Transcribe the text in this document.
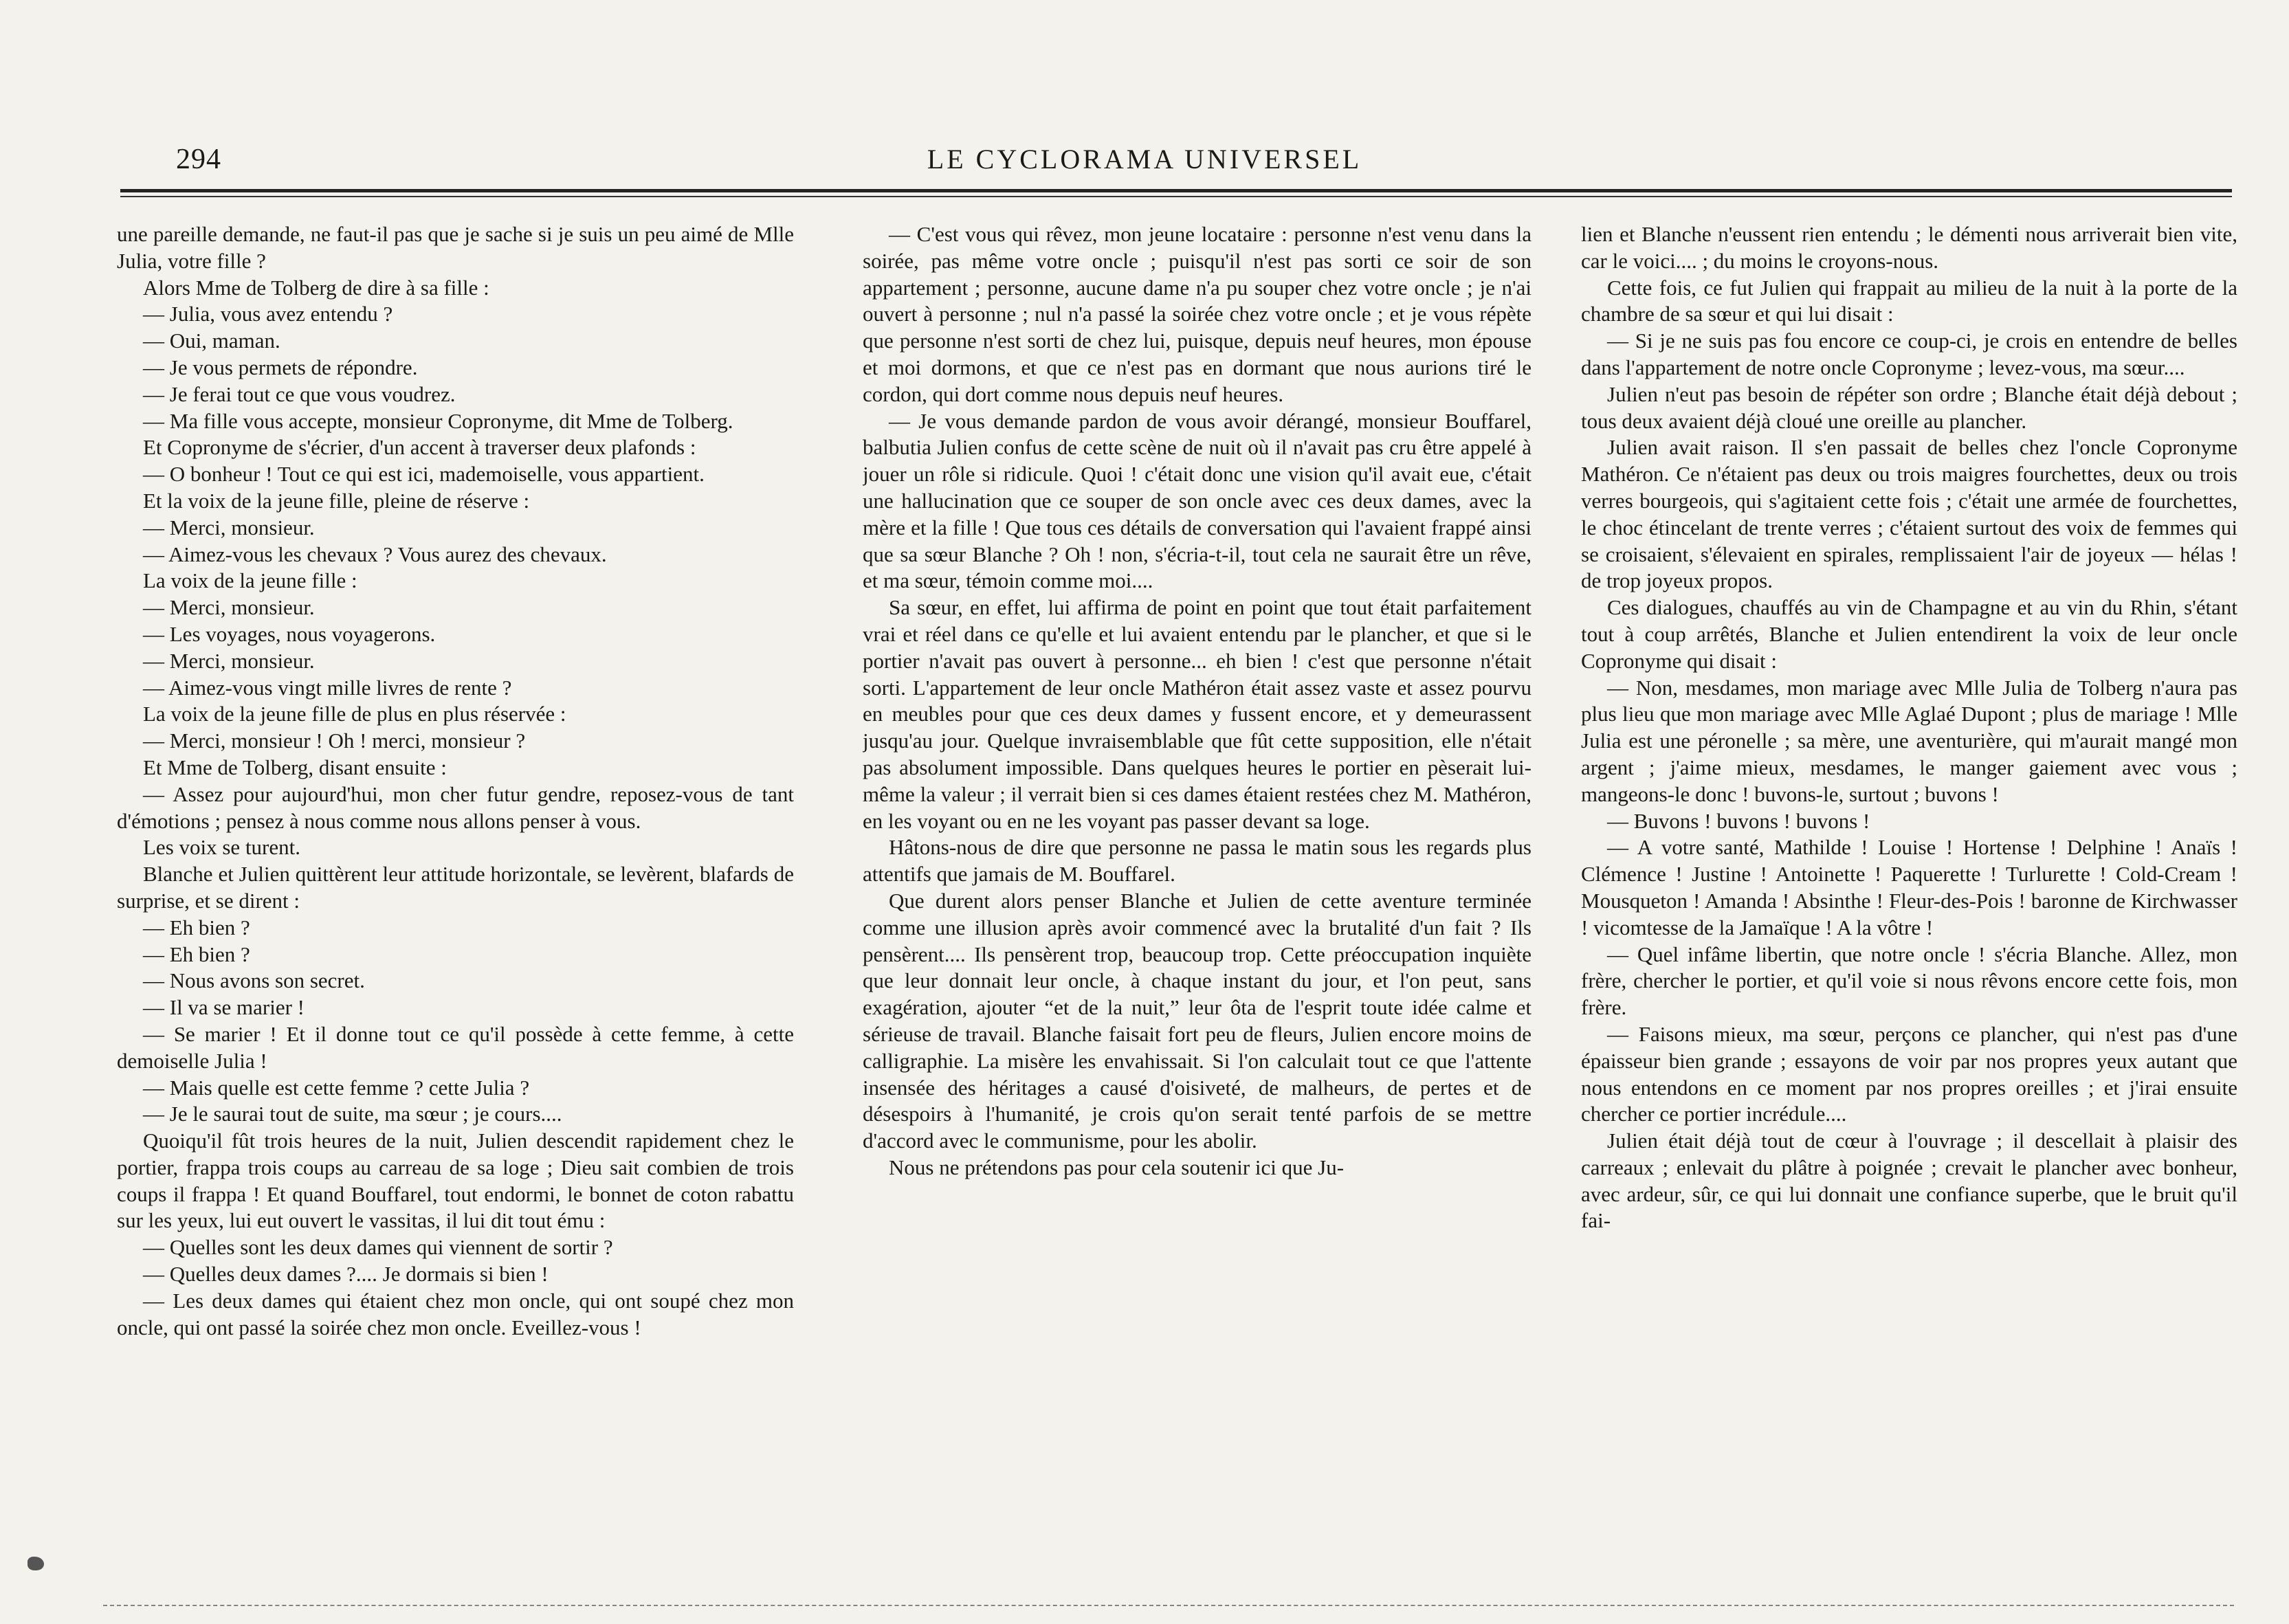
294	LE CYCLORAMA UNIVERSEL

une pareille demande, ne faut-il pas que je sache si je suis un peu aimé de Mlle Julia, votre fille ?

Alors Mme de Tolberg de dire à sa fille :

— Julia, vous avez entendu ?

— Oui, maman.

— Je vous permets de répondre.

— Je ferai tout ce que vous voudrez.

— Ma fille vous accepte, monsieur Copronyme, dit Mme de Tolberg.

Et Copronyme de s'écrier, d'un accent à traverser deux plafonds :

— O bonheur ! Tout ce qui est ici, mademoiselle, vous appartient.

Et la voix de la jeune fille, pleine de réserve :

— Merci, monsieur.

— Aimez-vous les chevaux ? Vous aurez des chevaux.

La voix de la jeune fille :

— Merci, monsieur.

— Les voyages, nous voyagerons.

— Merci, monsieur.

— Aimez-vous vingt mille livres de rente ?

La voix de la jeune fille de plus en plus réservée :

— Merci, monsieur ! Oh ! merci, monsieur ?

Et Mme de Tolberg, disant ensuite :

— Assez pour aujourd'hui, mon cher futur gendre, reposez-vous de tant d'émotions ; pensez à nous comme nous allons penser à vous.

Les voix se turent.

Blanche et Julien quittèrent leur attitude horizontale, se levèrent, blafards de surprise, et se dirent :

— Eh bien ?

— Eh bien ?

— Nous avons son secret.

— Il va se marier !

— Se marier ! Et il donne tout ce qu'il possède à cette femme, à cette demoiselle Julia !

— Mais quelle est cette femme ? cette Julia ?

— Je le saurai tout de suite, ma sœur ; je cours....

Quoiqu'il fût trois heures de la nuit, Julien descendit rapidement chez le portier, frappa trois coups au carreau de sa loge ; Dieu sait combien de trois coups il frappa ! Et quand Bouffarel, tout endormi, le bonnet de coton rabattu sur les yeux, lui eut ouvert le vassitas, il lui dit tout ému :

— Quelles sont les deux dames qui viennent de sortir ?

— Quelles deux dames ?.... Je dormais si bien !

— Les deux dames qui étaient chez mon oncle, qui ont soupé chez mon oncle, qui ont passé la soirée chez mon oncle. Eveillez-vous !

— C'est vous qui rêvez, mon jeune locataire : personne n'est venu dans la soirée, pas même votre oncle ; puisqu'il n'est pas sorti ce soir de son appartement ; personne, aucune dame n'a pu souper chez votre oncle ; je n'ai ouvert à personne ; nul n'a passé la soirée chez votre oncle ; et je vous répète que personne n'est sorti de chez lui, puisque, depuis neuf heures, mon épouse et moi dormons, et que ce n'est pas en dormant que nous aurions tiré le cordon, qui dort comme nous depuis neuf heures.

— Je vous demande pardon de vous avoir dérangé, monsieur Bouffarel, balbutia Julien confus de cette scène de nuit où il n'avait pas cru être appelé à jouer un rôle si ridicule. Quoi ! c'était donc une vision qu'il avait eue, c'était une hallucination que ce souper de son oncle avec ces deux dames, avec la mère et la fille ! Que tous ces détails de conversation qui l'avaient frappé ainsi que sa sœur Blanche ? Oh ! non, s'écria-t-il, tout cela ne saurait être un rêve, et ma sœur, témoin comme moi....

Sa sœur, en effet, lui affirma de point en point que tout était parfaitement vrai et réel dans ce qu'elle et lui avaient entendu par le plancher, et que si le portier n'avait pas ouvert à personne... eh bien ! c'est que personne n'était sorti. L'appartement de leur oncle Mathéron était assez vaste et assez pourvu en meubles pour que ces deux dames y fussent encore, et y demeurassent jusqu'au jour. Quelque invraisemblable que fût cette supposition, elle n'était pas absolument impossible. Dans quelques heures le portier en pèserait lui-même la valeur ; il verrait bien si ces dames étaient restées chez M. Mathéron, en les voyant ou en ne les voyant pas passer devant sa loge.

Hâtons-nous de dire que personne ne passa le matin sous les regards plus attentifs que jamais de M. Bouffarel.

Que durent alors penser Blanche et Julien de cette aventure terminée comme une illusion après avoir commencé avec la brutalité d'un fait ? Ils pensèrent.... Ils pensèrent trop, beaucoup trop. Cette préoccupation inquiète que leur donnait leur oncle, à chaque instant du jour, et l'on peut, sans exagération, ajouter “et de la nuit,” leur ôta de l'esprit toute idée calme et sérieuse de travail. Blanche faisait fort peu de fleurs, Julien encore moins de calligraphie. La misère les envahissait. Si l'on calculait tout ce que l'attente insensée des héritages a causé d'oisiveté, de malheurs, de pertes et de désespoirs à l'humanité, je crois qu'on serait tenté parfois de se mettre d'accord avec le communisme, pour les abolir.

Nous ne prétendons pas pour cela soutenir ici que Ju-

lien et Blanche n'eussent rien entendu ; le démenti nous arriverait bien vite, car le voici.... ; du moins le croyons-nous.

Cette fois, ce fut Julien qui frappait au milieu de la nuit à la porte de la chambre de sa sœur et qui lui disait :

— Si je ne suis pas fou encore ce coup-ci, je crois en entendre de belles dans l'appartement de notre oncle Copronyme ; levez-vous, ma sœur....

Julien n'eut pas besoin de répéter son ordre ; Blanche était déjà debout ; tous deux avaient déjà cloué une oreille au plancher.

Julien avait raison. Il s'en passait de belles chez l'oncle Copronyme Mathéron. Ce n'étaient pas deux ou trois maigres fourchettes, deux ou trois verres bourgeois, qui s'agitaient cette fois ; c'était une armée de fourchettes, le choc étincelant de trente verres ; c'étaient surtout des voix de femmes qui se croisaient, s'élevaient en spirales, remplissaient l'air de joyeux — hélas ! de trop joyeux propos.

Ces dialogues, chauffés au vin de Champagne et au vin du Rhin, s'étant tout à coup arrêtés, Blanche et Julien entendirent la voix de leur oncle Copronyme qui disait :

— Non, mesdames, mon mariage avec Mlle Julia de Tolberg n'aura pas plus lieu que mon mariage avec Mlle Aglaé Dupont ; plus de mariage ! Mlle Julia est une péronelle ; sa mère, une aventurière, qui m'aurait mangé mon argent ; j'aime mieux, mesdames, le manger gaiement avec vous ; mangeons-le donc ! buvons-le, surtout ; buvons !

— Buvons ! buvons ! buvons !

— A votre santé, Mathilde ! Louise ! Hortense ! Delphine ! Anaïs ! Clémence ! Justine ! Antoinette ! Paquerette ! Turlurette ! Cold-Cream ! Mousqueton ! Amanda ! Absinthe ! Fleur-des-Pois ! baronne de Kirchwasser ! vicomtesse de la Jamaïque ! A la vôtre !

— Quel infâme libertin, que notre oncle ! s'écria Blanche. Allez, mon frère, chercher le portier, et qu'il voie si nous rêvons encore cette fois, mon frère.

— Faisons mieux, ma sœur, perçons ce plancher, qui n'est pas d'une épaisseur bien grande ; essayons de voir par nos propres yeux autant que nous entendons en ce moment par nos propres oreilles ; et j'irai ensuite chercher ce portier incrédule....

Julien était déjà tout de cœur à l'ouvrage ; il descellait à plaisir des carreaux ; enlevait du plâtre à poignée ; crevait le plancher avec bonheur, avec ardeur, sûr, ce qui lui donnait une confiance superbe, que le bruit qu'il fai-
